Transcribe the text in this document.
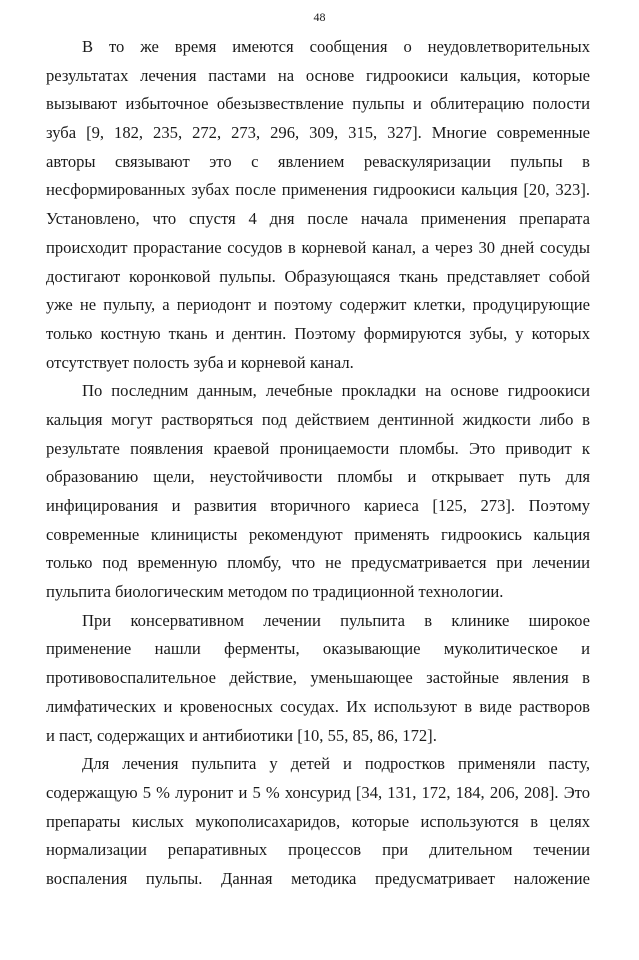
48
В то же время имеются сообщения о неудовлетворительных
результатах лечения пастами на основе гидроокиси кальция, которые
вызывают избыточное обезызвествление пульпы и облитерацию полости
зуба [9, 182, 235, 272, 273, 296, 309, 315, 327]. Многие современные
авторы связывают это с явлением реваскуляризации пульпы в
несформированных зубах после применения гидроокиси кальция [20, 323].
Установлено, что спустя 4 дня после начала применения препарата
происходит прорастание сосудов в корневой канал, а через 30 дней сосуды
достигают коронковой пульпы. Образующаяся ткань представляет собой
уже не пульпу, а периодонт и поэтому содержит клетки, продуцирующие
только костную ткань и дентин. Поэтому формируются зубы, у которых
отсутствует полость зуба и корневой канал.
По последним данным, лечебные прокладки на основе гидроокиси
кальция могут растворяться под действием дентинной жидкости либо в
результате появления краевой проницаемости пломбы. Это приводит к
образованию щели, неустойчивости пломбы и открывает путь для
инфицирования и развития вторичного кариеса [125, 273]. Поэтому
современные клиницисты рекомендуют применять гидроокись кальция
только под временную пломбу, что не предусматривается при лечении
пульпита биологическим методом по традиционной технологии.
При консервативном лечении пульпита в клинике широкое
применение нашли ферменты, оказывающие муколитическое и
противовоспалительное действие, уменьшающее застойные явления в
лимфатических и кровеносных сосудах. Их используют в виде растворов
и паст, содержащих и антибиотики [10, 55, 85, 86, 172].
Для лечения пульпита у детей и подростков применяли пасту,
содержащую 5 % луронит и 5 % хонсурид [34, 131, 172, 184, 206, 208]. Это
препараты кислых мукополисахаридов, которые используются в целях
нормализации репаративных процессов при длительном течении
воспаления пульпы. Данная методика предусматривает наложение
